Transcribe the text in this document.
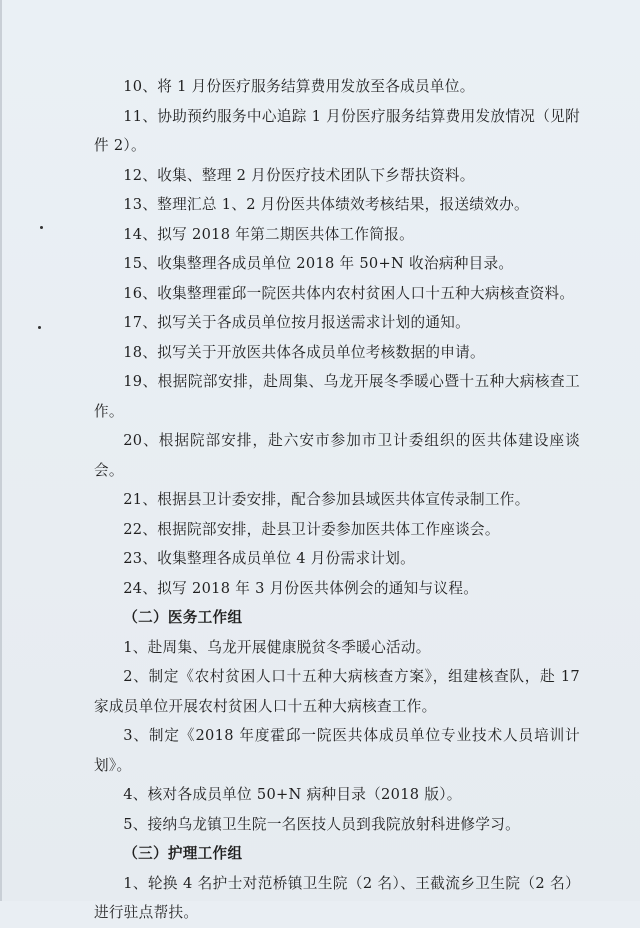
10、将 1 月份医疗服务结算费用发放至各成员单位。

11、协助预约服务中心追踪 1 月份医疗服务结算费用发放情况（见附件 2）。

12、收集、整理 2 月份医疗技术团队下乡帮扶资料。

13、整理汇总 1、2 月份医共体绩效考核结果，报送绩效办。

14、拟写 2018 年第二期医共体工作简报。

15、收集整理各成员单位 2018 年 50+N 收治病种目录。

16、收集整理霍邱一院医共体内农村贫困人口十五种大病核查资料。

17、拟写关于各成员单位按月报送需求计划的通知。

18、拟写关于开放医共体各成员单位考核数据的申请。

19、根据院部安排，赴周集、乌龙开展冬季暖心暨十五种大病核查工作。

20、根据院部安排，赴六安市参加市卫计委组织的医共体建设座谈会。

21、根据县卫计委安排，配合参加县域医共体宣传录制工作。

22、根据院部安排，赴县卫计委参加医共体工作座谈会。

23、收集整理各成员单位 4 月份需求计划。

24、拟写 2018 年 3 月份医共体例会的通知与议程。

（二）医务工作组

1、赴周集、乌龙开展健康脱贫冬季暖心活动。

2、制定《农村贫困人口十五种大病核查方案》，组建核查队，赴 17 家成员单位开展农村贫困人口十五种大病核查工作。

3、制定《2018 年度霍邱一院医共体成员单位专业技术人员培训计划》。

4、核对各成员单位 50+N 病种目录（2018 版）。

5、接纳乌龙镇卫生院一名医技人员到我院放射科进修学习。

（三）护理工作组

1、轮换 4 名护士对范桥镇卫生院（2 名）、王截流乡卫生院（2 名）进行驻点帮扶。
